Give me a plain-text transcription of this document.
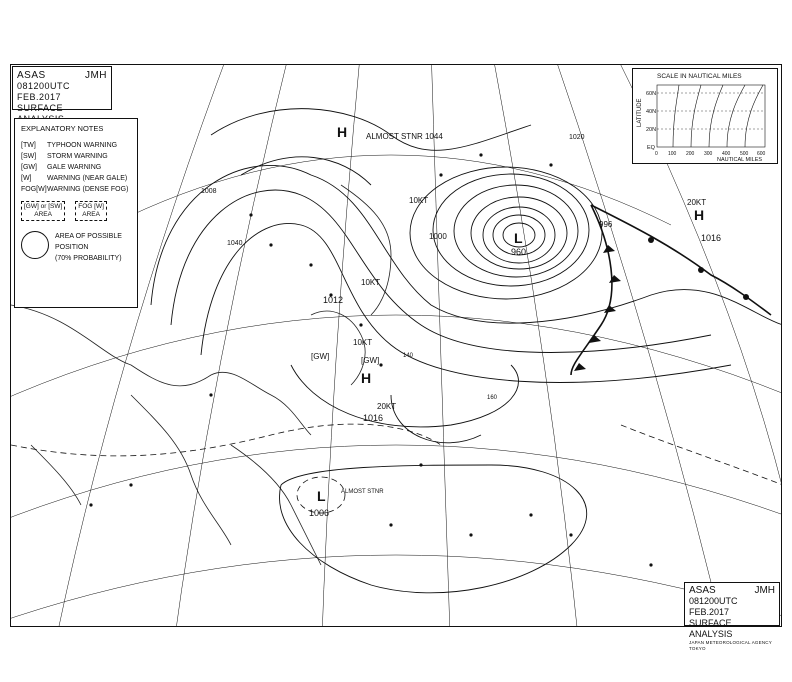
L
960
H ALMOST STNR 1044
H
1016
996
H
1016
L
1006
ALMOST STNR
1012
1000
1020
1040
1008
10KT
10KT
10KT
20KT
20KT
[GW]	[GW]	140
160
ASAS	JMH
081200UTC FEB.2017
SURFACE
EXPLANATORY NOTES
[TW]	TYPHOON WARNING
[SW]	STORM WARNING
[GW]	GALE WARNING
[W]	WARNING (NEAR GALE)
FOG[W] WARNING (DENSE FOG)
[GW] or [SW]
AREA
FOG [W]
AREA
AREA OF POSSIBLE
POSITION
(70% PROBABILITY)
SCALE IN NAUTICAL MILES
LATITUDE
60N
40N
20N
EQ
0 100 200 300 400 500 600
NAUTICAL MILES
ASAS	JMH
081200UTC FEB.2017
SURFACE ANALYSIS
JAPAN METEOROLOGICAL AGENCY TOKYO
